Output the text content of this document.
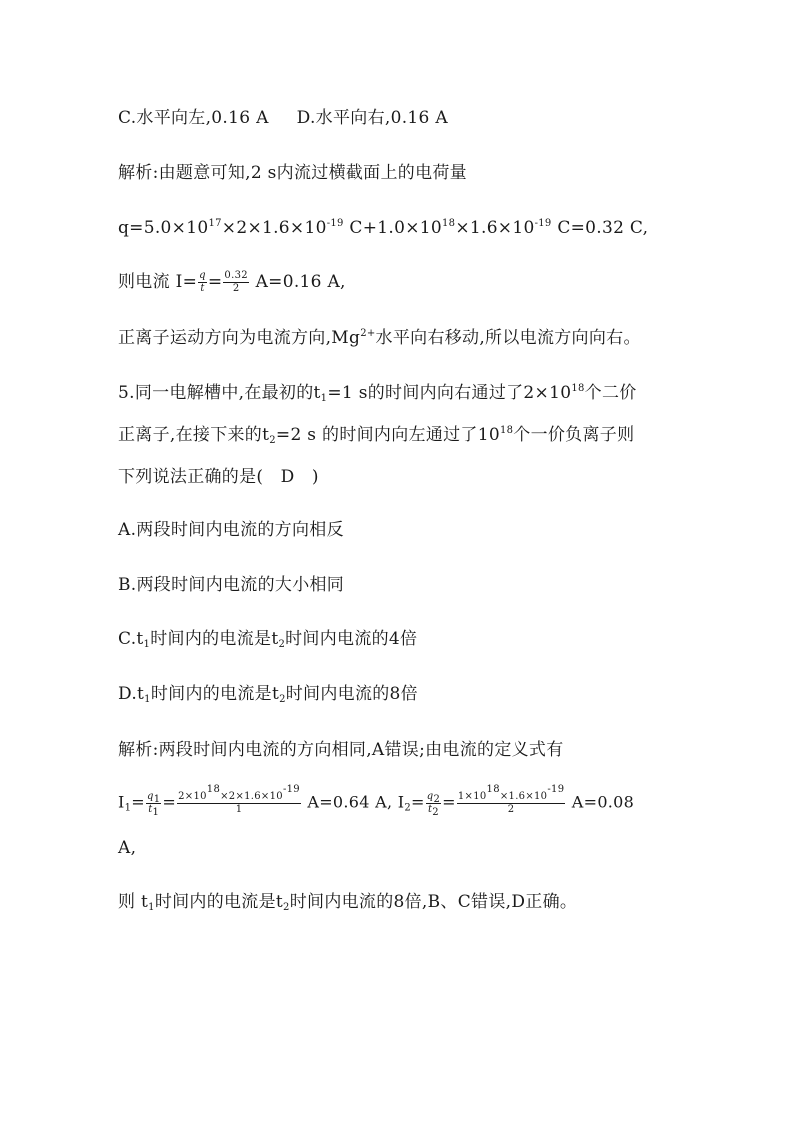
C.水平向左,0.16 A D.水平向右,0.16 A
解析:由题意可知,2 s内流过横截面上的电荷量
$q=5.0\times 10^{17}\times 2\times 1.6\times 10^{-19}$ $C+1.0\times 10^{18}\times 1.6\times 10^{-19}$ C=0.32 C,
则电流 $I= \frac{q}{t} = \frac{0.32}{2} A=0.16$ A,
正离子运动方向为电流方向$,Mg^{2+}$水平向右移动,所以电流方向向右。
5.同一电解槽中,在最初的$t_1=1$ s的时间内向右通过了$2\times 10^{18}$个二价
正离子,在接下来的$t_2=2$ s 的时间内向左通过了$10^{18}$个一价负离子则
下列说法正确的是(　D　)
A.两段时间内电流的方向相反
B.两段时间内电流的大小相同
$C.t_1$时间内的电流是$t_2$时间内电流的4倍
$D.t_1$时间内的电流是$t_2$时间内电流的8倍
解析:两段时间内电流的方向相同,A错误;由电流的定义式有
$I_1= \frac{q_1}{t_1} = \frac{2\times 10^{18}\times 2\times 1.6\times 10^{-19}}{1} A=0.64$ A, $I_2= \frac{q_2}{t_2} = \frac{1\times 10^{18}\times 1.6\times 10^{-19}}{2} A=0.08$
A,
则 $t_1$时间内的电流是$t_2$时间内电流的8倍,B、C错误,D正确。
